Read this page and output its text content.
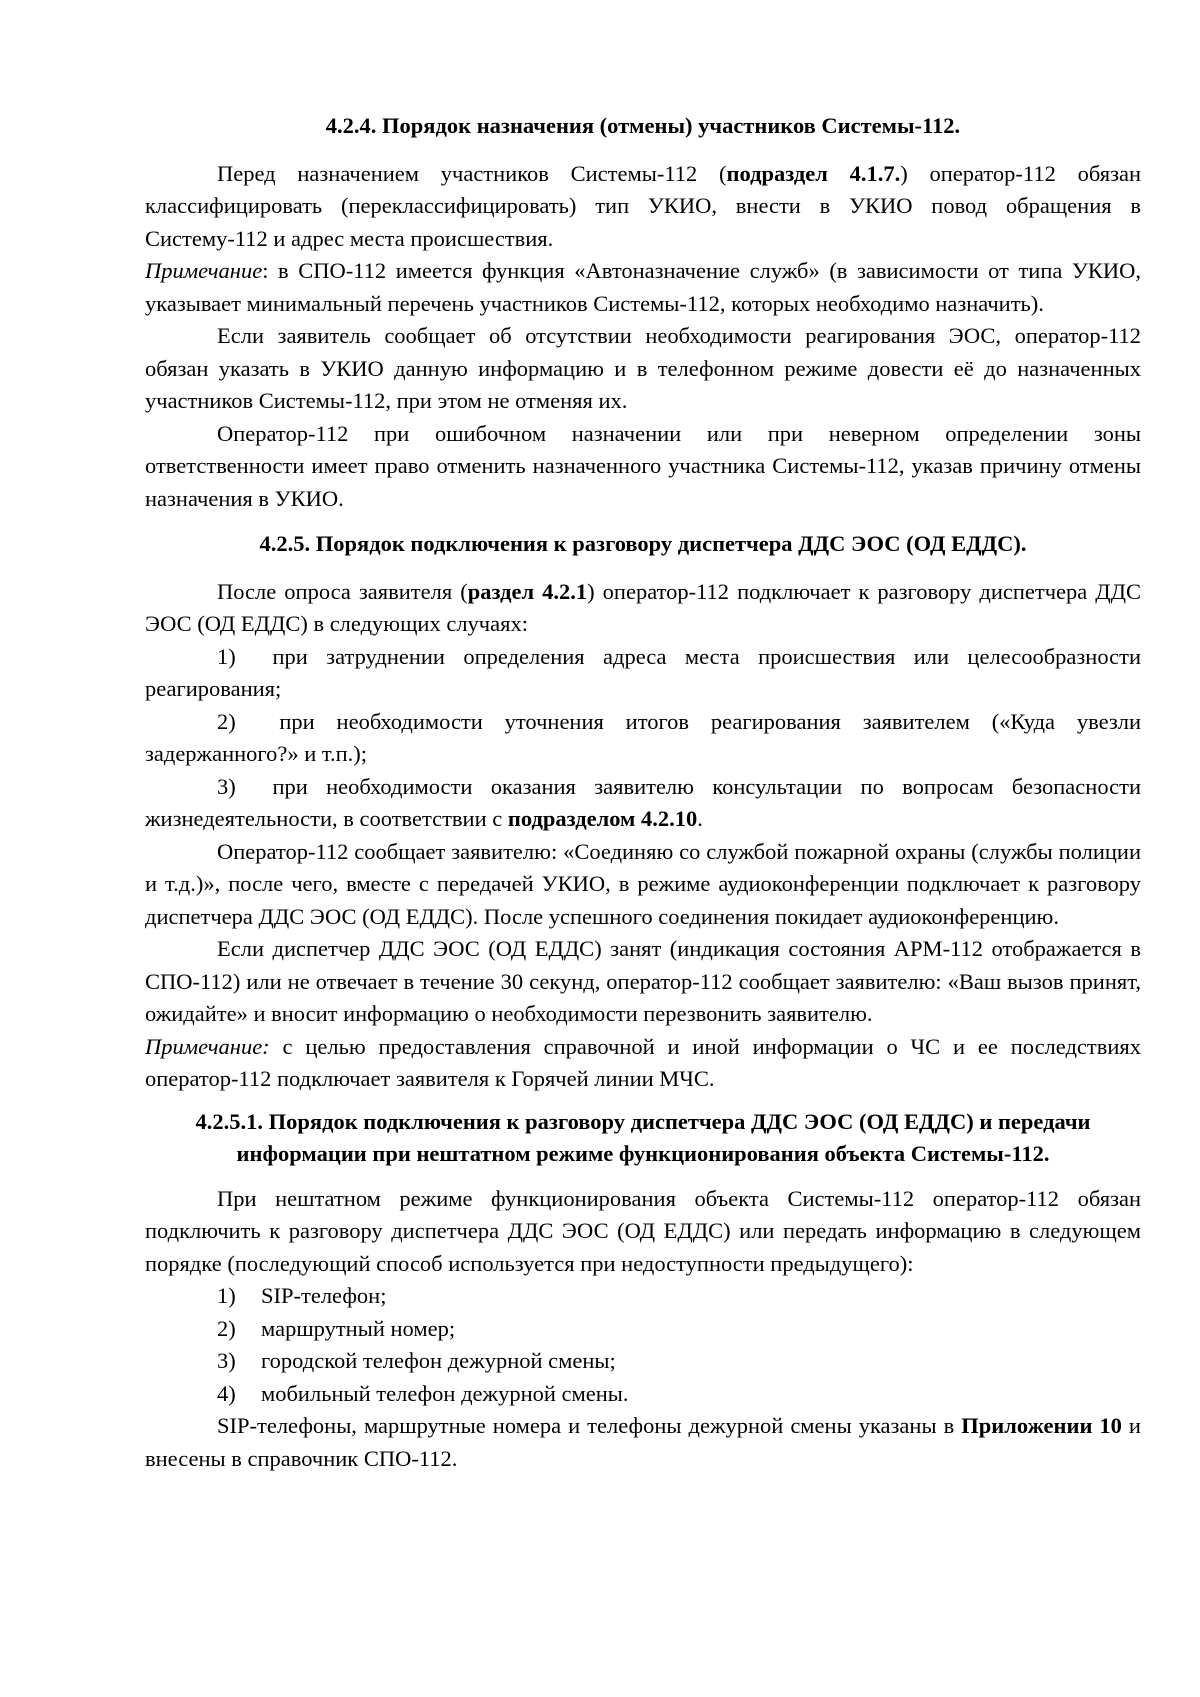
4.2.4. Порядок назначения (отмены) участников Системы-112.

Перед назначением участников Системы-112 (подраздел 4.1.7.) оператор-112 обязан классифицировать (переклассифицировать) тип УКИО, внести в УКИО повод обращения в Систему-112 и адрес места происшествия.

Примечание: в СПО-112 имеется функция «Автоназначение служб» (в зависимости от типа УКИО, указывает минимальный перечень участников Системы-112, которых необходимо назначить).

Если заявитель сообщает об отсутствии необходимости реагирования ЭОС, оператор-112 обязан указать в УКИО данную информацию и в телефонном режиме довести её до назначенных участников Системы-112, при этом не отменяя их.

Оператор-112 при ошибочном назначении или при неверном определении зоны ответственности имеет право отменить назначенного участника Системы-112, указав причину отмены назначения в УКИО.

4.2.5. Порядок подключения к разговору диспетчера ДДС ЭОС (ОД ЕДДС).

После опроса заявителя (раздел 4.2.1) оператор-112 подключает к разговору диспетчера ДДС ЭОС (ОД ЕДДС) в следующих случаях:

1)  при затруднении определения адреса места происшествия или целесообразности реагирования;

2)  при необходимости уточнения итогов реагирования заявителем («Куда увезли задержанного?» и т.п.);

3)  при необходимости оказания заявителю консультации по вопросам безопасности жизнедеятельности, в соответствии с подразделом 4.2.10.

Оператор-112 сообщает заявителю: «Соединяю со службой пожарной охраны (службы полиции и т.д.)», после чего, вместе с передачей УКИО, в режиме аудиоконференции подключает к разговору диспетчера ДДС ЭОС (ОД ЕДДС). После успешного соединения покидает аудиоконференцию.

Если диспетчер ДДС ЭОС (ОД ЕДДС) занят (индикация состояния АРМ-112 отображается в СПО-112) или не отвечает в течение 30 секунд, оператор-112 сообщает заявителю: «Ваш вызов принят, ожидайте» и вносит информацию о необходимости перезвонить заявителю.

Примечание: с целью предоставления справочной и иной информации о ЧС и ее последствиях оператор-112 подключает заявителя к Горячей линии МЧС.

4.2.5.1. Порядок подключения к разговору диспетчера ДДС ЭОС (ОД ЕДДС) и передачи
информации при нештатном режиме функционирования объекта Системы-112.

При нештатном режиме функционирования объекта Системы-112 оператор-112 обязан подключить к разговору диспетчера ДДС ЭОС (ОД ЕДДС) или передать информацию в следующем порядке (последующий способ используется при недоступности предыдущего):

1) SIP-телефон;

2) маршрутный номер;

3) городской телефон дежурной смены;

4) мобильный телефон дежурной смены.

SIP-телефоны, маршрутные номера и телефоны дежурной смены указаны в Приложении 10 и внесены в справочник СПО-112.
